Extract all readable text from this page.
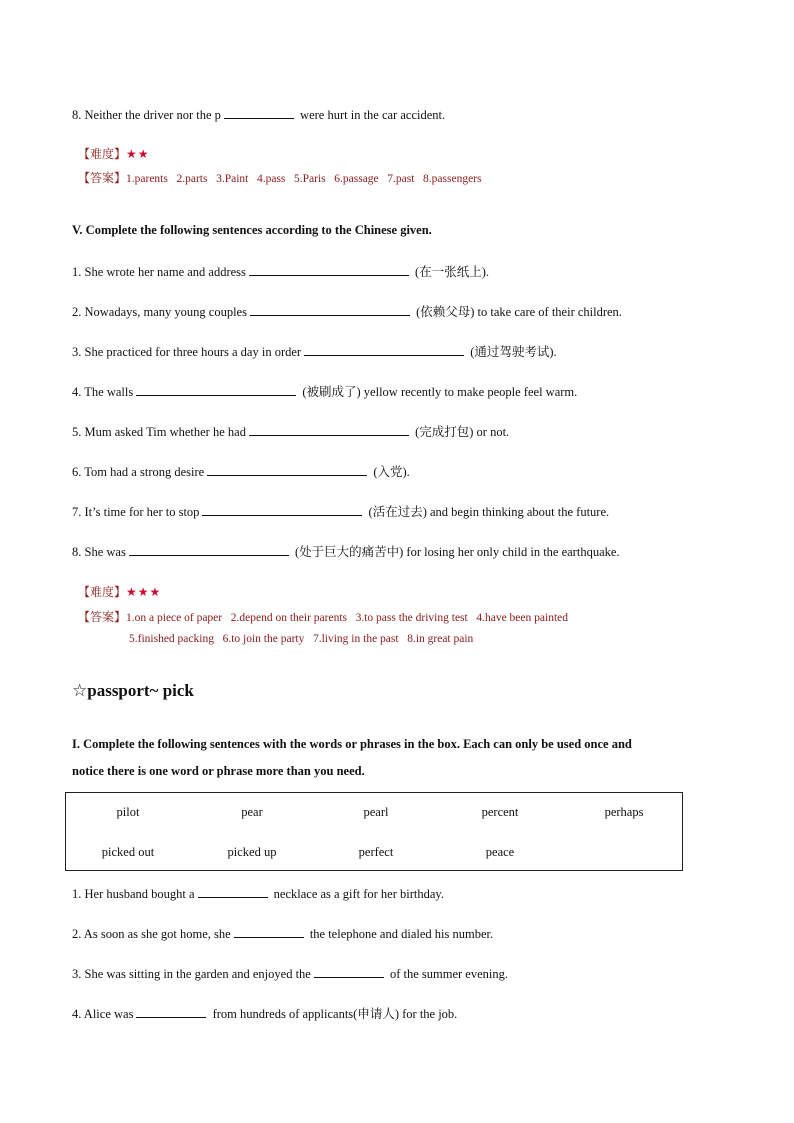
8. Neither the driver nor the p	were hurt in the car accident.
【难度】★★
【答案】1.parents   2.parts   3.Paint   4.pass   5.Paris   6.passage   7.past   8.passengers
V. Complete the following sentences according to the Chinese given.
1. She wrote her name and address	(在一张纸上).
2. Nowadays, many young couples	(依赖父母) to take care of their children.
3. She practiced for three hours a day in order	(通过驾驶考试).
4. The walls	(被刷成了) yellow recently to make people feel warm.
5. Mum asked Tim whether he had	(完成打包) or not.
6. Tom had a strong desire	(入党).
7. It’s time for her to stop	(活在过去) and begin thinking about the future.
8. She was	(处于巨大的痛苦中) for losing her only child in the earthquake.
【难度】★★★
【答案】1.on a piece of paper   2.depend on their parents   3.to pass the driving test   4.have been painted
5.finished packing   6.to join the party   7.living in the past   8.in great pain
☆passport~ pick
I. Complete the following sentences with the words or phrases in the box. Each can only be used once and
notice there is one word or phrase more than you need.
pilot	pear	pearl	percent	perhaps
picked out	picked up	perfect	peace
1. Her husband bought a	necklace as a gift for her birthday.
2. As soon as she got home, she	the telephone and dialed his number.
3. She was sitting in the garden and enjoyed the	of the summer evening.
4. Alice was	from hundreds of applicants(申请人) for the job.
